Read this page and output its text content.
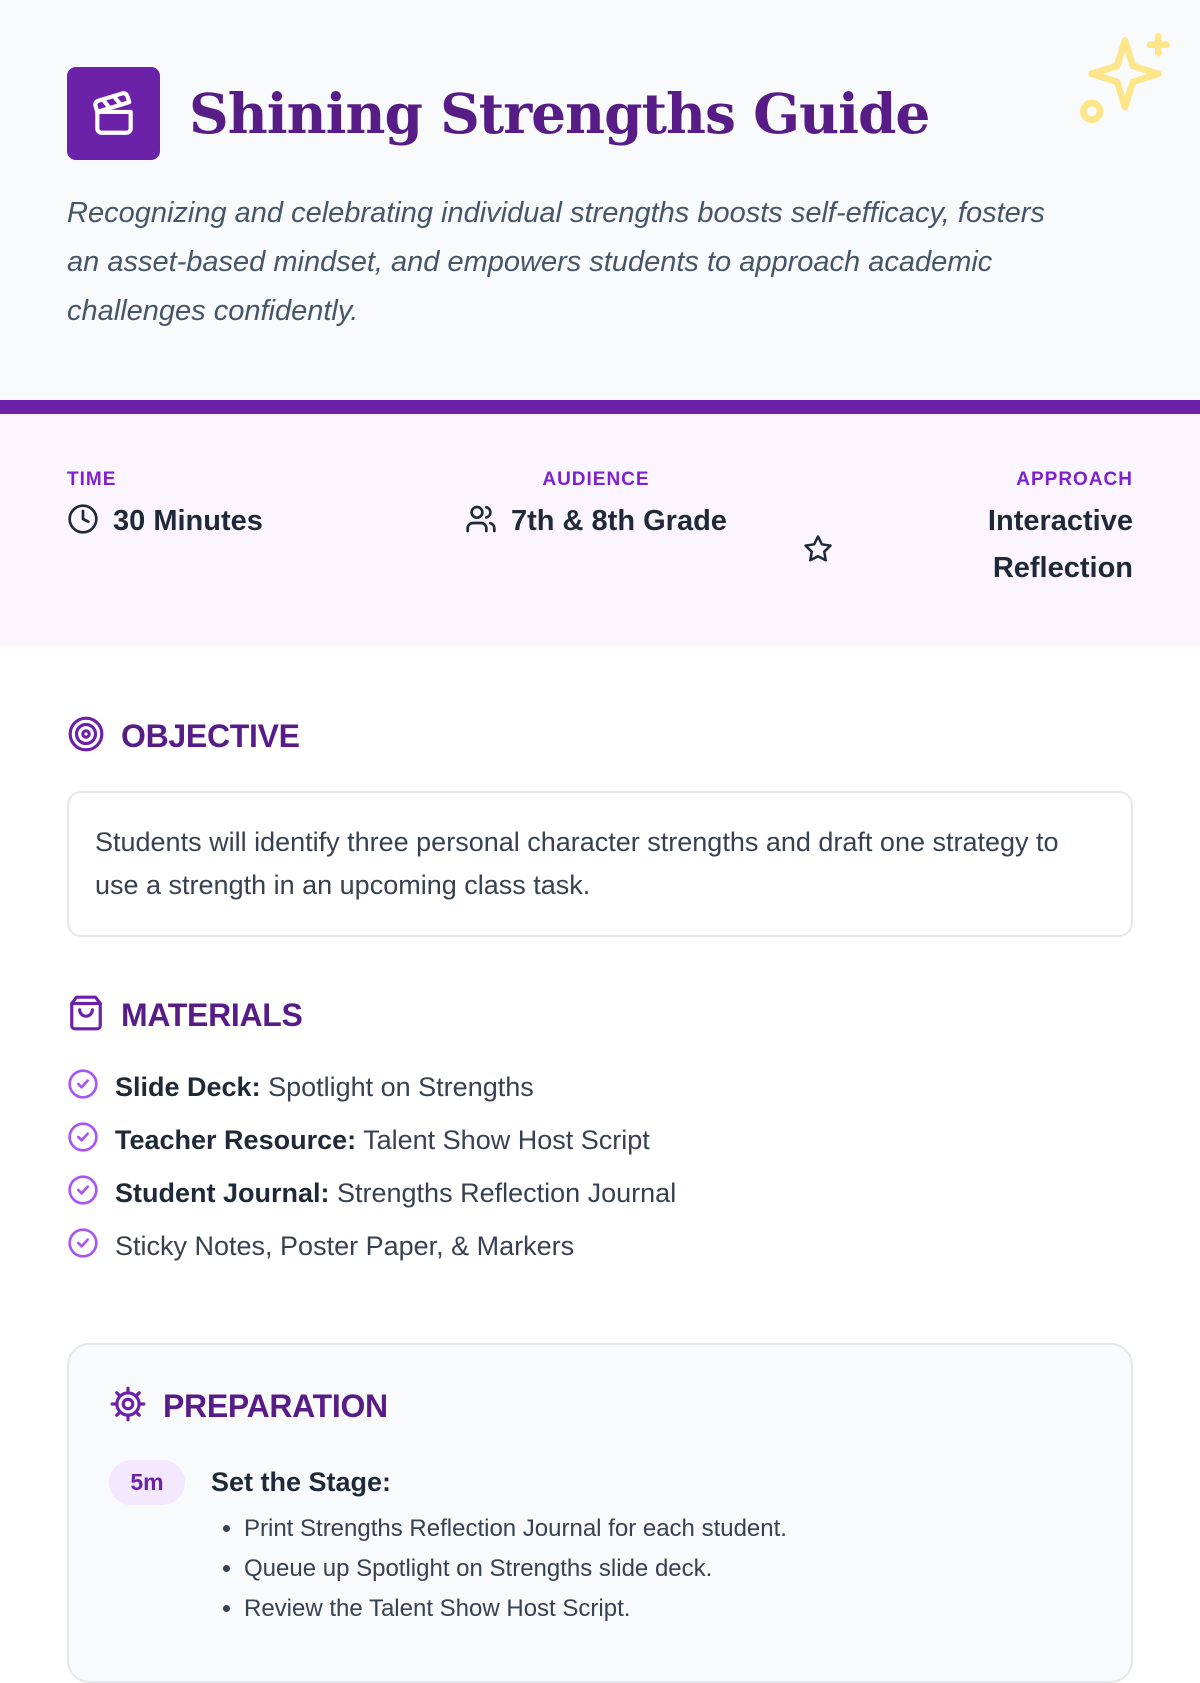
Shining Strengths Guide

Recognizing and celebrating individual strengths boosts self-efficacy, fosters an asset-based mindset, and empowers students to approach academic challenges confidently.

TIME
30 Minutes
AUDIENCE
7th & 8th Grade
APPROACH
Interactive
Reflection
OBJECTIVE
Students will identify three personal character strengths and draft one strategy to use a strength in an upcoming class task.
MATERIALS
Slide Deck: Spotlight on Strengths
Teacher Resource: Talent Show Host Script
Student Journal: Strengths Reflection Journal
Sticky Notes, Poster Paper, & Markers
PREPARATION
5m	Set the Stage:
• Print Strengths Reflection Journal for each student.
• Queue up Spotlight on Strengths slide deck.
• Review the Talent Show Host Script.
